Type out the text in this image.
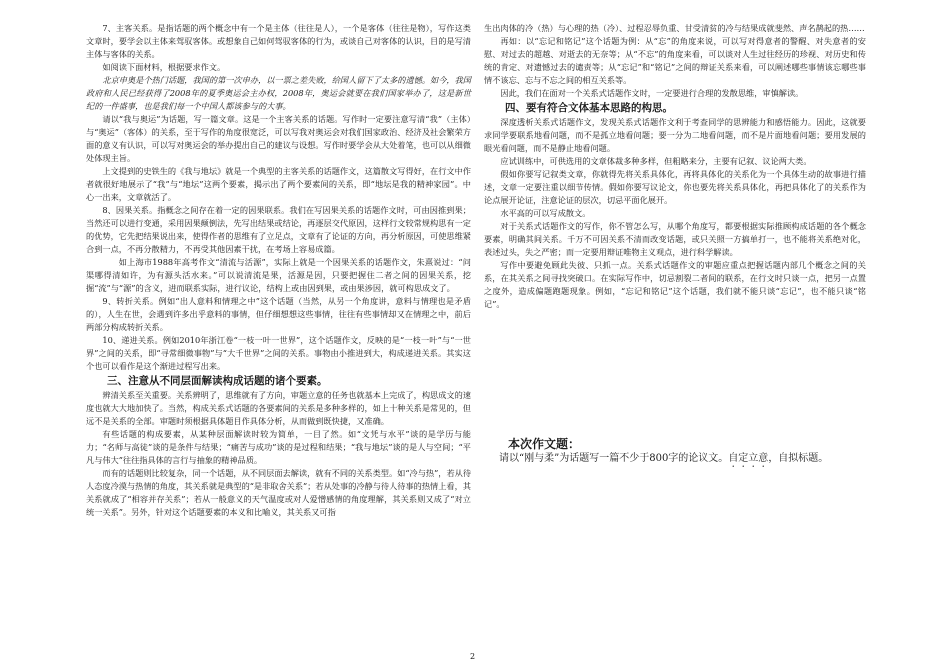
7、主客关系。是指话题的两个概念中有一个是主体（往往是人），一个是客体（往往是物），写作这类文章时，要学会以主体来驾驭客体。或想象自己如何驾驭客体的行为，或谈自己对客体的认识，目的是写清主体与客体的关系。

如阅读下面材料，根据要求作文。

北京申奥是个热门话题，我国的第一次申办，以一票之差失败，给国人留下了太多的遗憾。如今，我国政府和人民已经获得了2008年的夏季奥运会主办权，2008年，奥运会就要在我们国家举办了，这是新世纪的一件盛事，也是我们每一个中国人都该参与的大事。

请以“我与奥运”为话题，写一篇文章。这是一个主客关系的话题。写作时一定要注意写清“我”（主体）与“奥运”（客体）的关系，至于写作的角度很宽泛，可以写我对奥运会对我们国家政治、经济及社会繁荣方面的意义有认识，可以写对奥运会的举办提出自己的建议与设想。写作时要学会从大处着笔，也可以从细微处体现主旨。

上文提到的史铁生的《我与地坛》就是一个典型的主客关系的话题作文，这篇散文写得好，在行文中作者就很好地展示了“我”与“地坛”这两个要素，揭示出了两个要素间的关系，即“地坛是我的精神家园”。中心一出来，文章就活了。

8、因果关系。指概念之间存在着一定的因果联系。我们在写因果关系的话题作文时，可由因推到果；当然还可以进行变通，采用因果颠倒法，先写出结果或结论，再逐层交代原因，这样行文较常规构思有一定的优势，它先把结果说出来，使得作者的思维有了立足点，文章有了论证的方向，再分析原因，可使思维紧合到一点，不再分散精力，不再受其他因素干扰，在考场上容易成篇。

如上海市1988年高考作文“清流与活源”，实际上就是一个因果关系的话题作文，朱熹说过：“问渠哪得清如许，为有源头活水来。”可以说清流是果，活源是因，只要把握住二者之间的因果关系，挖掘“流”与“源”的含义，进而联系实际，进行议论，结构上或由因到果，或由果涉因，就可构思成文了。

9、转折关系。例如“出人意料和情理之中”这个话题（当然，从另一个角度讲，意料与情理也是矛盾的），人生在世，会遇到许多出乎意料的事情，但仔细想想这些事情，往往有些事情却又在情理之中，前后两部分构成转折关系。

10、递进关系。例如2010年浙江卷“一枝一叶一世界”，这个话题作文，反映的是“一枝一叶”与“一世界”之间的关系，即“寻常细微事物”与“大千世界”之间的关系。事物由小推进到大，构成递进关系。其实这个也可以看作是这个渐进过程写出来。

三、注意从不同层面解读构成话题的诸个要素。

辨清关系至关重要。关系辨明了，思维就有了方向，审题立意的任务也就基本上完成了，构思成文的速度也就大大地加快了。当然，构成关系式话题的各要素间的关系是多种多样的，如上十种关系是常见的，但远不是关系的全部。审题时须根据具体题目作具体分析，从而做到既快捷，又准确。

有些话题的构成要素，从某种层面解读时较为简单，一目了然。如“文凭与水平”谈的是学历与能力；“名师与高徒”谈的是条件与结果；“痛苦与成功”谈的是过程和结果；“我与地坛”谈的是人与空间；“平凡与伟大”往往指具体的言行与抽象的精神品质。

而有的话题则比较复杂，同一个话题，从不同层面去解读，就有不同的关系类型。如“冷与热”，若从待人态度冷漠与热情的角度，其关系就是典型的“是非取舍关系”；若从处事的冷静与待人待事的热情上看，其关系就成了“相容并存关系”；若从一般意义的天气温度或对人爱憎感情的角度理解，其关系则又成了“对立统一关系”。另外，针对这个话题要素的本义和比喻义，其关系又可指

生出肉体的冷（热）与心理的热（冷）、过程忍辱负重、甘受清贫的冷与结果成就斐然、声名鹊起的热……

再如：以“忘记和铭记”这个话题为例：从“忘”的角度来说，可以写对得意者的警醒、对失意者的安慰、对过去的超越、对逝去的无奈等；从“不忘”的角度来看，可以谈对人生过往经历的珍视、对历史和传统的肯定、对遗憾过去的谴责等；从“忘记”和“铭记”之间的辩证关系来看，可以阐述哪些事情该忘哪些事情不该忘、忘与不忘之间的相互关系等。

因此，我们在面对一个关系式话题作文时，一定要进行合理的发散思维，审慎解读。

四、要有符合文体基本思路的构思。

深度透析关系式话题作文，发现关系式话题作文利于考查同学的思辨能力和感悟能力。因此，这就要求同学要联系地看问题，而不是孤立地看问题；要一分为二地看问题，而不是片面地看问题；要用发展的眼光看问题，而不是静止地看问题。

应试训练中，可供选用的文章体裁多种多样，但粗略来分，主要有记叙、议论两大类。

假如你要写记叙类文章，你就得先将关系具体化，再将具体化的关系化为一个具体生动的故事进行描述，文章一定要注重以细节传情。假如你要写议论文，你也要先将关系具体化，再把具体化了的关系作为论点展开论证，注意论证的层次，切忌平面化展开。

水平高的可以写成散文。

对于关系式话题作文的写作，你不管怎么写，从哪个角度写，都要根据实际推顾构成话题的各个概念要素，明确其间关系。千万不可因关系不清而改变话题，或只关照一方搞单打一，也不能将关系绝对化，表述过头，失之严密；而一定要用辩证唯物主义观点，进行科学解读。

写作中要避免顾此失彼、只抓一点。关系式话题作文的审题应重点把握话题内部几个概念之间的关系，在其关系之间寻找突破口。在实际写作中，切忌割裂二者间的联系，在行文时只谈一点，把另一点置之度外，造成偏题跑题现象。例如，“忘记和铭记”这个话题，我们就不能只谈“忘记”，也不能只谈“铭记”。

本次作文题：

请以“刚与柔”为话题写一篇不少于800字的论议文。自定立意，自拟标题。

2
